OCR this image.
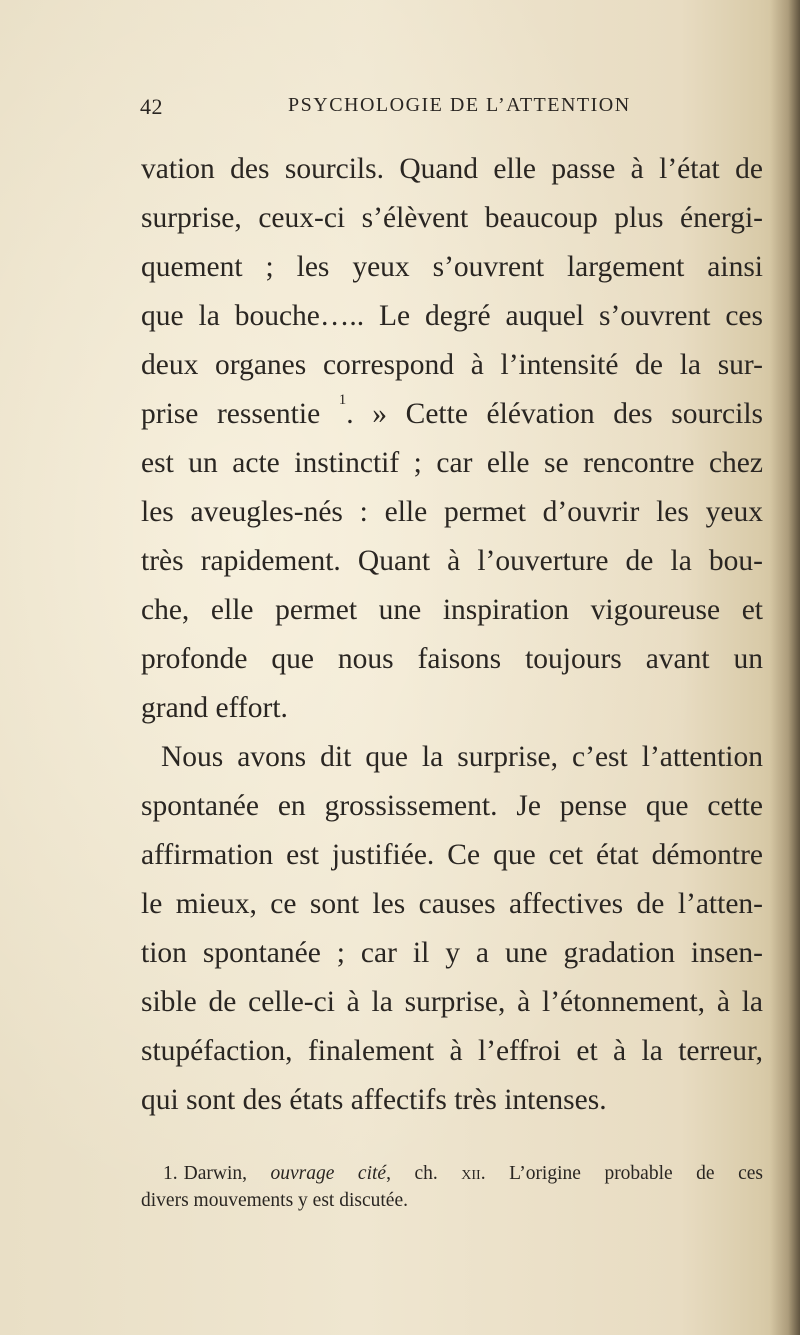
42	PSYCHOLOGIE DE L’ATTENTION
vation des sourcils. Quand elle passe à l’état de
surprise, ceux-ci s’élèvent beaucoup plus énergi-
quement ; les yeux s’ouvrent largement ainsi
que la bouche….. Le degré auquel s’ouvrent ces
deux organes correspond à l’intensité de la sur-
prise ressentie $^1$. » Cette élévation des sourcils
est un acte instinctif ; car elle se rencontre chez
les aveugles-nés : elle permet d’ouvrir les yeux
très rapidement. Quant à l’ouverture de la bou-
che, elle permet une inspiration vigoureuse et
profonde que nous faisons toujours avant un
grand effort.
Nous avons dit que la surprise, c’est l’attention
spontanée en grossissement. Je pense que cette
affirmation est justifiée. Ce que cet état démontre
le mieux, ce sont les causes affectives de l’atten-
tion spontanée ; car il y a une gradation insen-
sible de celle-ci à la surprise, à l’étonnement, à la
stupéfaction, finalement à l’effroi et à la terreur,
qui sont des états affectifs très intenses.
1. Darwin, ouvrage cité, ch. xii. L’origine probable de ces
divers mouvements y est discutée.
